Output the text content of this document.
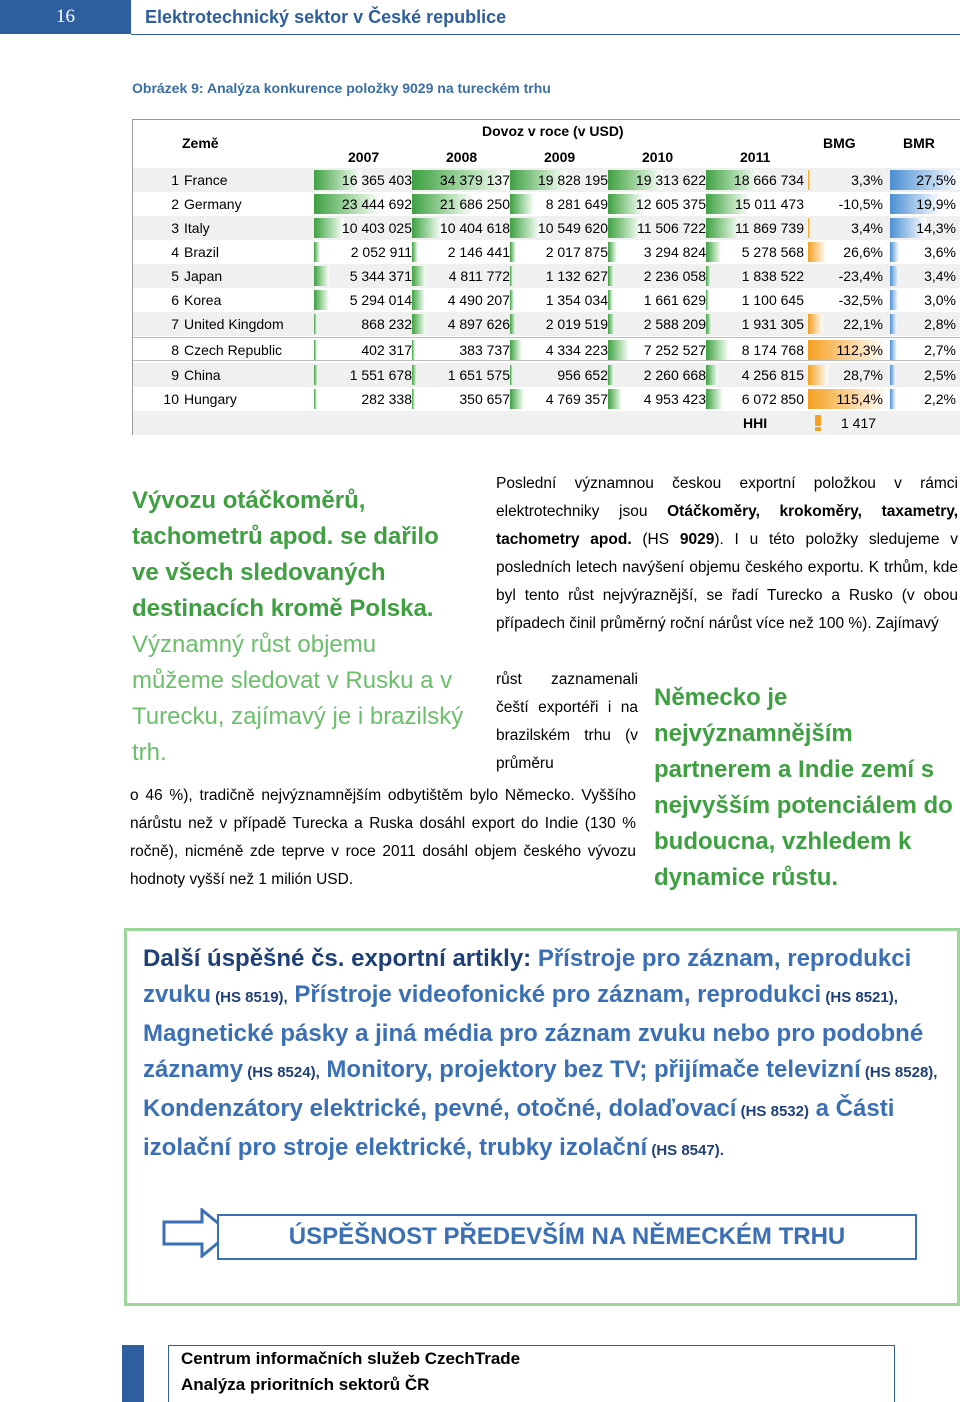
16	Elektrotechnický sektor v České republice
Obrázek 9: Analýza konkurence položky 9029 na tureckém trhu
Země
Dovoz v roce (v USD)
BMG	BMR
2007	2008	2009	2010	2011
1 France	16 365 403	34 379 137	19 828 195	19 313 622	18 666 734	3,3%	27,5%
2 Germany	23 444 692	21 686 250	8 281 649	12 605 375	15 011 473	-10,5%	19,9%
3 Italy	10 403 025	10 404 618	10 549 620	11 506 722	11 869 739	3,4%	14,3%
4 Brazil	2 052 911	2 146 441	2 017 875	3 294 824	5 278 568	26,6%	3,6%
5 Japan	5 344 371	4 811 772	1 132 627	2 236 058	1 838 522	-23,4%	3,4%
6 Korea	5 294 014	4 490 207	1 354 034	1 661 629	1 100 645	-32,5%	3,0%
7 United Kingdom	868 232	4 897 626	2 019 519	2 588 209	1 931 305	22,1%	2,8%
8 Czech Republic	402 317	383 737	4 334 223	7 252 527	8 174 768	112,3%	2,7%
9 China	1 551 678	1 651 575	956 652	2 260 668	4 256 815	28,7%	2,5%
10 Hungary	282 338	350 657	4 769 357	4 953 423	6 072 850	115,4%	2,2%
HHI	1 417
Vývozu otáčkoměrů, tachometrů apod. se dařilo ve všech sledovaných destinacích kromě Polska. Významný růst objemu můžeme sledovat v Rusku a v Turecku, zajímavý je i brazilský trh.
Poslední významnou českou exportní položkou v rámci elektrotechniky jsou Otáčkoměry, krokoměry, taxametry, tachometry apod. (HS 9029). I u této položky sledujeme v posledních letech navýšení objemu českého exportu. K trhům, kde byl tento růst nejvýraznější, se řadí Turecko a Rusko (v obou případech činil průměrný roční nárůst více než 100 %). Zajímavý
růst zaznamenali čeští exportéři i na brazilském trhu (v průměru
o 46 %), tradičně nejvýznamnějším odbytištěm bylo Německo. Vyššího nárůstu než v případě Turecka a Ruska dosáhl export do Indie (130 % ročně), nicméně zde teprve v roce 2011 dosáhl objem českého vývozu hodnoty vyšší než 1 milión USD.
Německo je nejvýznamnějším partnerem a Indie zemí s nejvyšším potenciálem do budoucna, vzhledem k dynamice růstu.
Další úspěšné čs. exportní artikly: Přístroje pro záznam, reprodukci zvuku (HS 8519), Přístroje videofonické pro záznam, reprodukci (HS 8521), Magnetické pásky a jiná média pro záznam zvuku nebo pro podobné záznamy (HS 8524), Monitory, projektory bez TV; přijímače televizní (HS 8528), Kondenzátory elektrické, pevné, otočné, dolaďovací (HS 8532) a Části izolační pro stroje elektrické, trubky izolační (HS 8547).
ÚSPĚŠNOST PŘEDEVŠÍM NA NĚMECKÉM TRHU
Centrum informačních služeb CzechTrade
Analýza prioritních sektorů ČR
